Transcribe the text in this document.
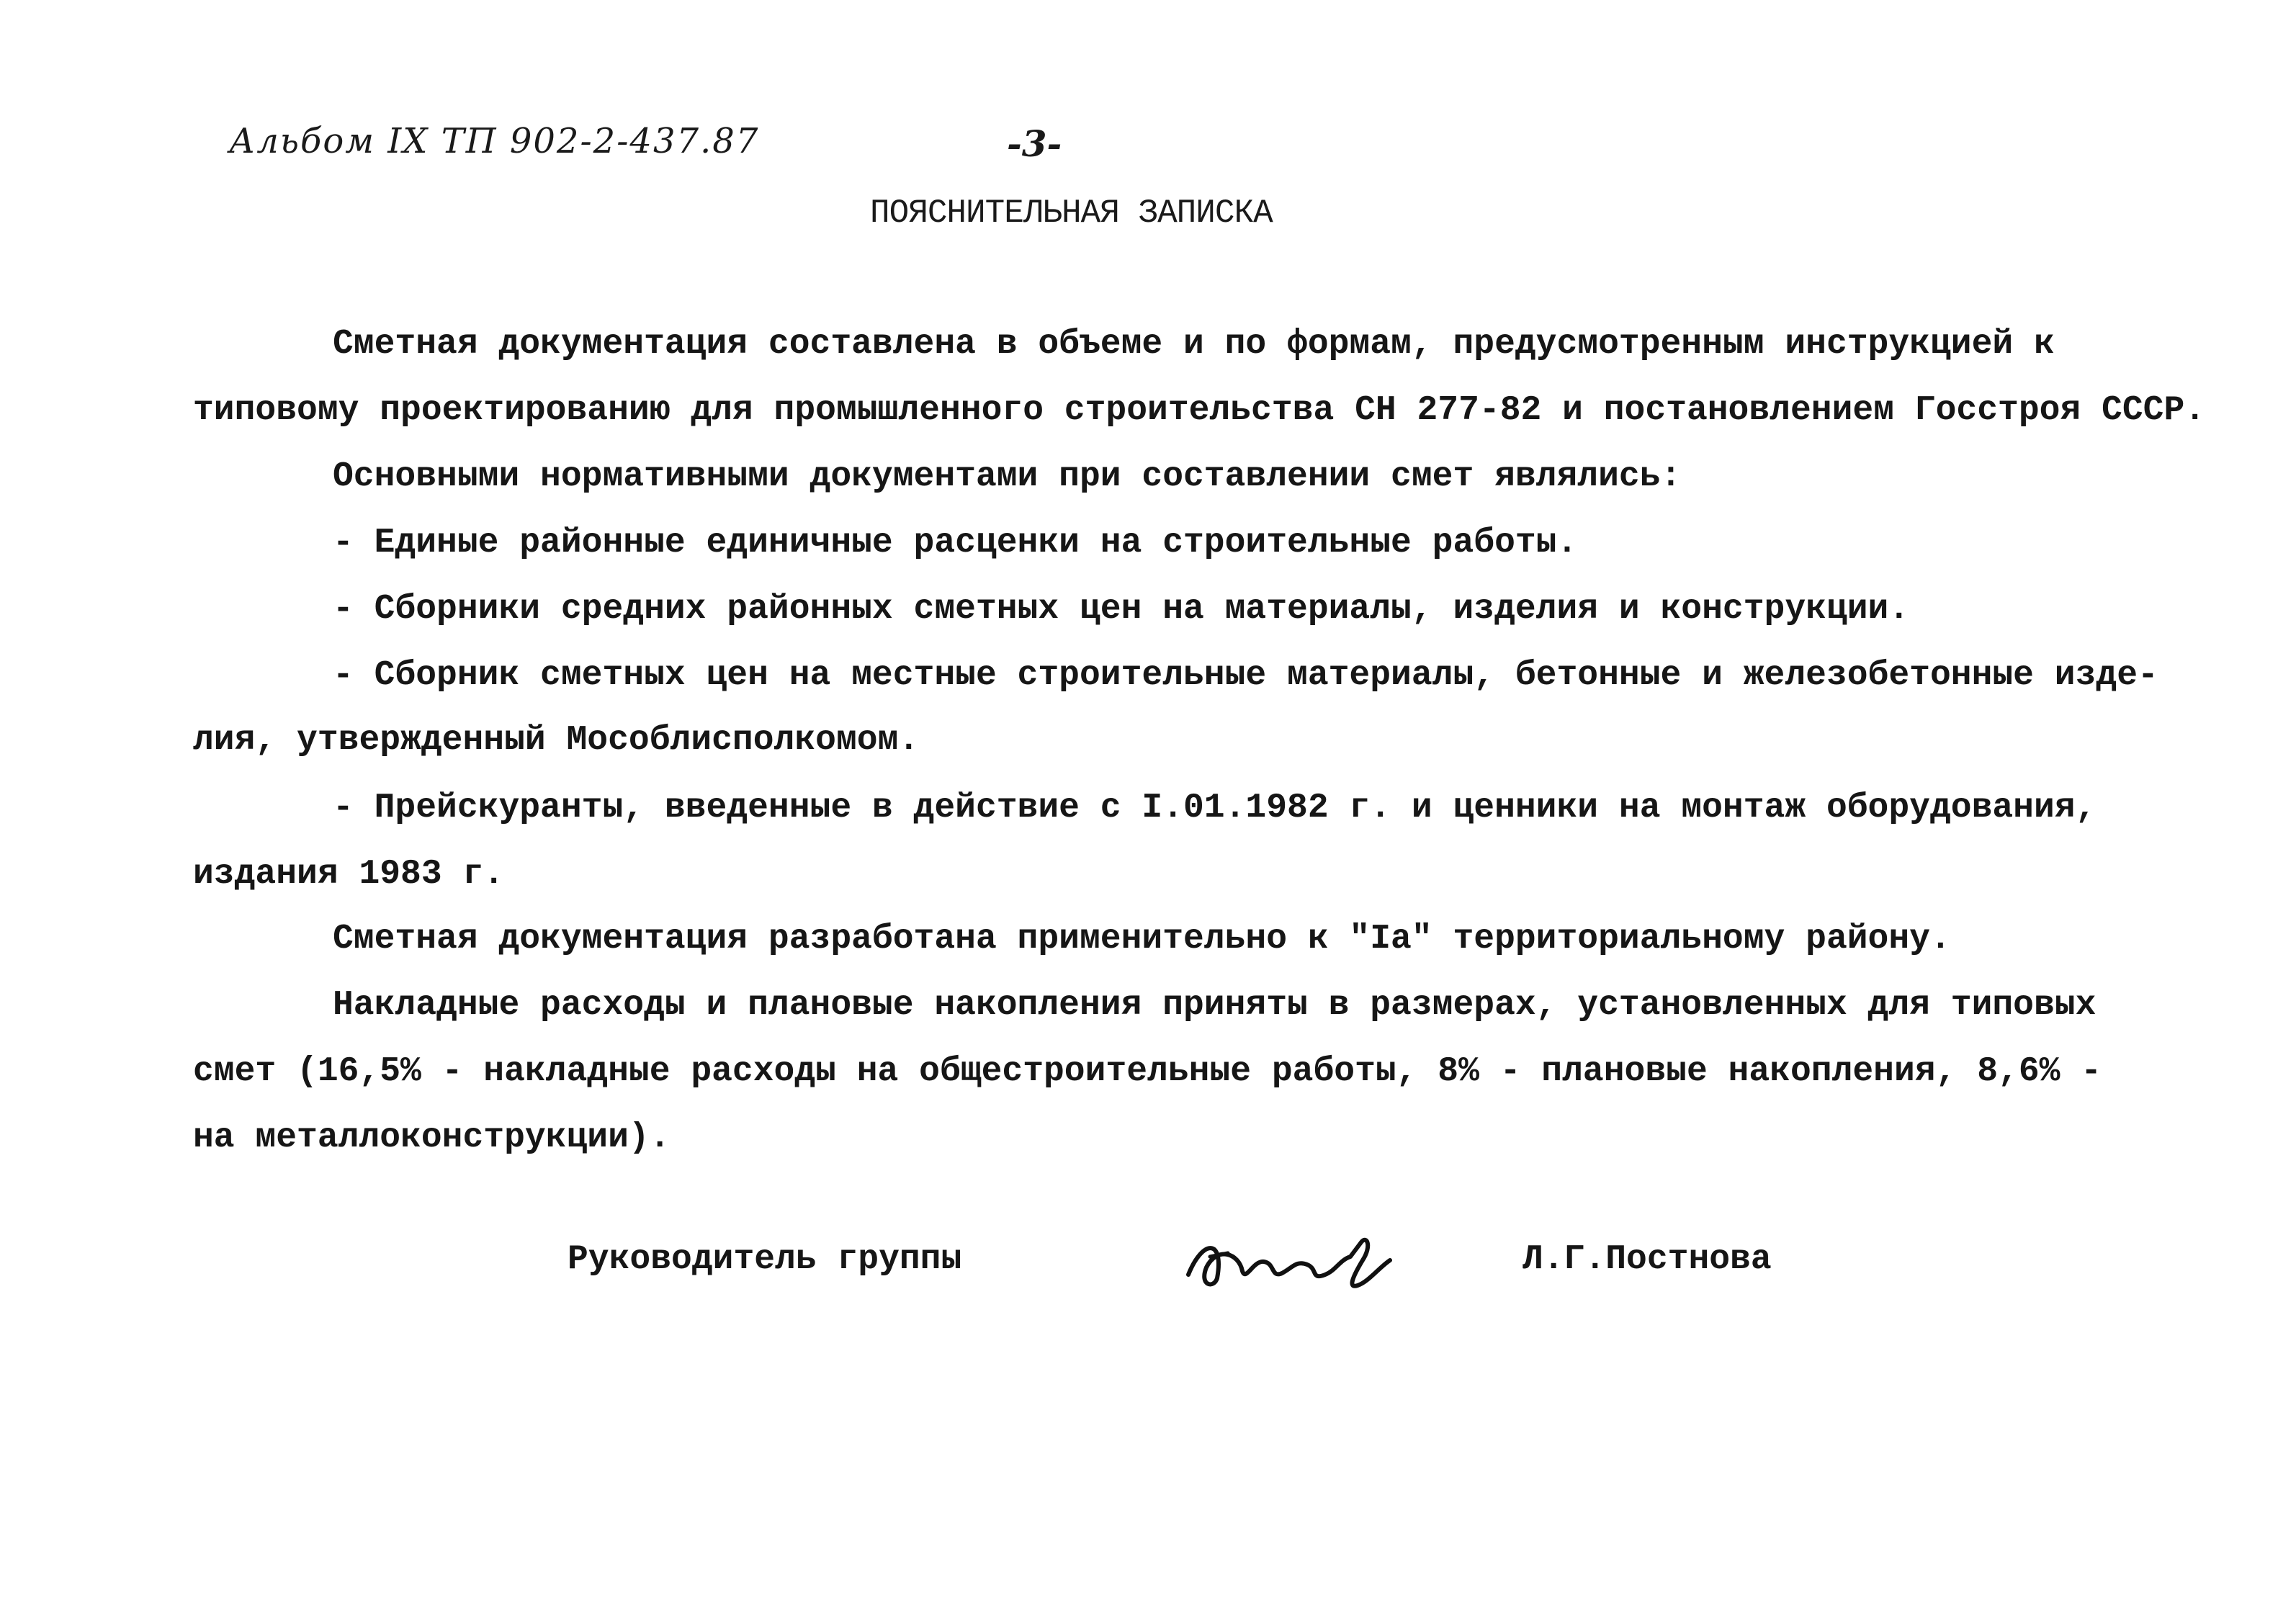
Альбом IX ТП 902-2-437.87	-3-
ПОЯСНИТЕЛЬНАЯ ЗАПИСКА
Сметная документация составлена в объеме и по формам, предусмотренным инструкцией к
типовому проектированию для промышленного строительства СН 277-82 и постановлением Госстроя СССР.
Основными нормативными документами при составлении смет являлись:
- Единые районные единичные расценки на строительные работы.
- Сборники средних районных сметных цен на материалы, изделия и конструкции.
- Сборник сметных цен на местные строительные материалы, бетонные и железобетонные изде-
лия, утвержденный Мособлисполкомом.
- Прейскуранты, введенные в действие с I.01.1982 г. и ценники на монтаж оборудования,
издания 1983 г.
Сметная документация разработана применительно к "Iа" территориальному району.
Накладные расходы и плановые накопления приняты в размерах, установленных для типовых
смет (16,5% - накладные расходы на общестроительные работы, 8% - плановые накопления, 8,6% -
на металлоконструкции).
Руководитель группы	Л.Г.Постнова
